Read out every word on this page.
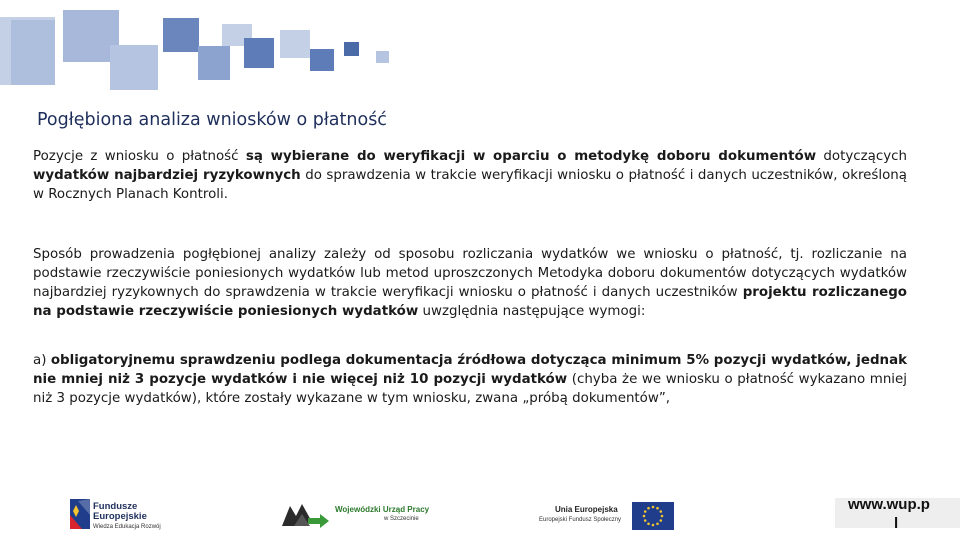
Pogłębiona analiza wniosków o płatność
Pozycje z wniosku o płatność są wybierane do weryfikacji w oparciu o metodykę doboru dokumentów dotyczących wydatków najbardziej ryzykownych do sprawdzenia w trakcie weryfikacji wniosku o płatność i danych uczestników, określoną w Rocznych Planach Kontroli.
Sposób prowadzenia pogłębionej analizy zależy od sposobu rozliczania wydatków we wniosku o płatność, tj. rozliczanie na podstawie rzeczywiście poniesionych wydatków lub metod uproszczonych Metodyka doboru dokumentów dotyczących wydatków najbardziej ryzykownych do sprawdzenia w trakcie weryfikacji wniosku o płatność i danych uczestników projektu rozliczanego na podstawie rzeczywiście poniesionych wydatków uwzględnia następujące wymogi:
a) obligatoryjnemu sprawdzeniu podlega dokumentacja źródłowa dotycząca minimum 5% pozycji wydatków, jednak nie mniej niż 3 pozycje wydatków i nie więcej niż 10 pozycji wydatków (chyba że we wniosku o płatność wykazano mniej niż 3 pozycje wydatków), które zostały wykazane w tym wniosku, zwana „próbą dokumentów”,
Fundusze
Europejskie
Wiedza Edukacja Rozwój
Wojewódzki Urząd Pracy
w Szczecinie
Unia Europejska
Europejski Fundusz Społeczny
www.wup.p
l
